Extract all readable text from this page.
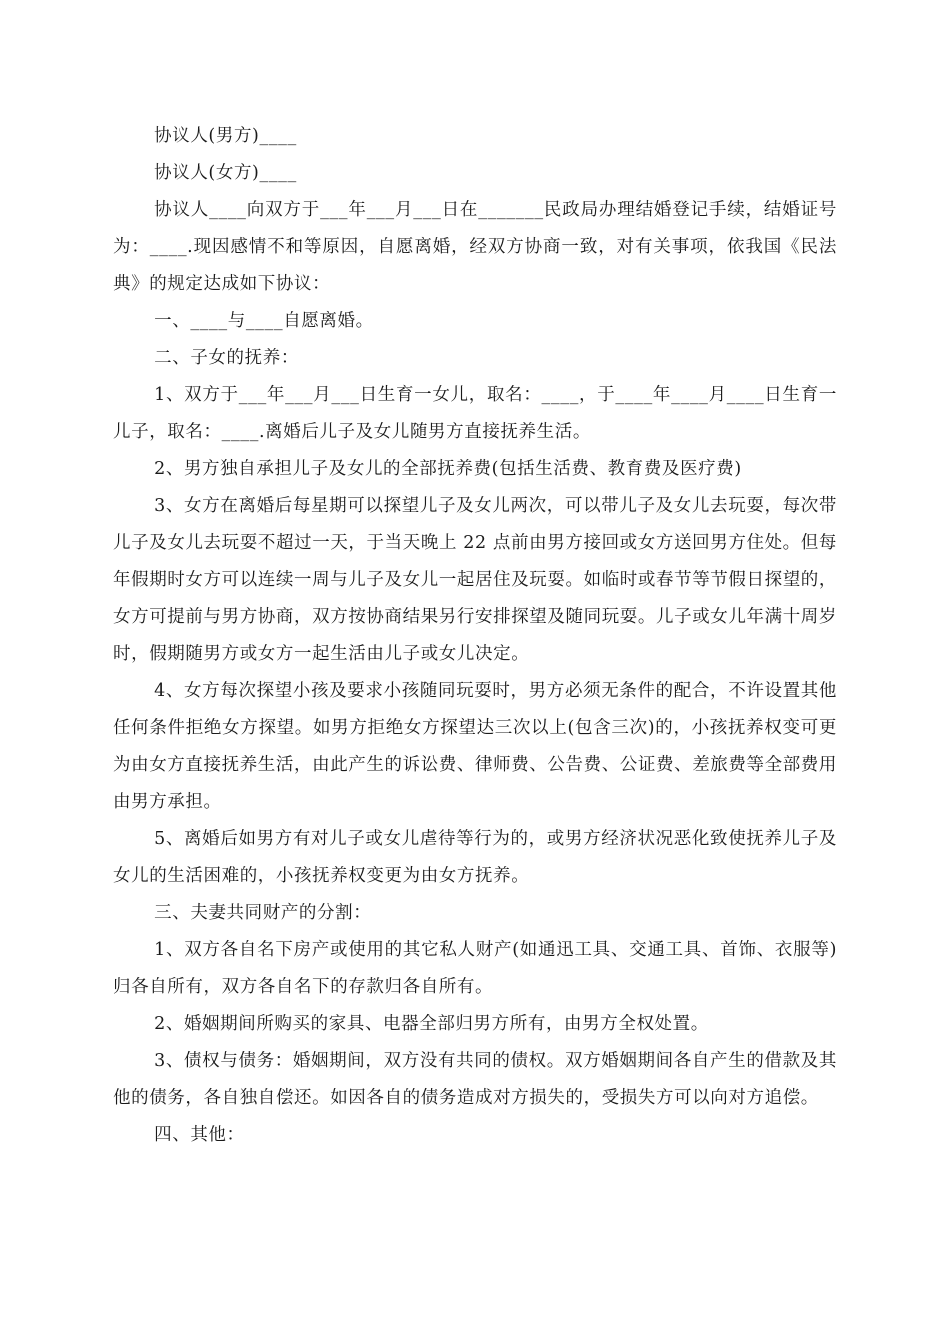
协议人(男方)____

协议人(女方)____

协议人____向双方于___年___月___日在_______民政局办理结婚登记手续，结婚证号为：____.现因感情不和等原因，自愿离婚，经双方协商一致，对有关事项，依我国《民法典》的规定达成如下协议：

一、____与____自愿离婚。

二、子女的抚养：

1、双方于___年___月___日生育一女儿，取名：____，于____年____月____日生育一儿子，取名：____.离婚后儿子及女儿随男方直接抚养生活。

2、男方独自承担儿子及女儿的全部抚养费(包括生活费、教育费及医疗费)

3、女方在离婚后每星期可以探望儿子及女儿两次，可以带儿子及女儿去玩耍，每次带儿子及女儿去玩耍不超过一天，于当天晚上 22 点前由男方接回或女方送回男方住处。但每年假期时女方可以连续一周与儿子及女儿一起居住及玩耍。如临时或春节等节假日探望的，女方可提前与男方协商，双方按协商结果另行安排探望及随同玩耍。儿子或女儿年满十周岁时，假期随男方或女方一起生活由儿子或女儿决定。

4、女方每次探望小孩及要求小孩随同玩耍时，男方必须无条件的配合，不许设置其他任何条件拒绝女方探望。如男方拒绝女方探望达三次以上(包含三次)的，小孩抚养权变可更为由女方直接抚养生活，由此产生的诉讼费、律师费、公告费、公证费、差旅费等全部费用由男方承担。

5、离婚后如男方有对儿子或女儿虐待等行为的，或男方经济状况恶化致使抚养儿子及女儿的生活困难的，小孩抚养权变更为由女方抚养。

三、夫妻共同财产的分割：

1、双方各自名下房产或使用的其它私人财产(如通迅工具、交通工具、首饰、衣服等)归各自所有，双方各自名下的存款归各自所有。

2、婚姻期间所购买的家具、电器全部归男方所有，由男方全权处置。

3、债权与债务：婚姻期间，双方没有共同的债权。双方婚姻期间各自产生的借款及其他的债务，各自独自偿还。如因各自的债务造成对方损失的，受损失方可以向对方追偿。

四、其他：
